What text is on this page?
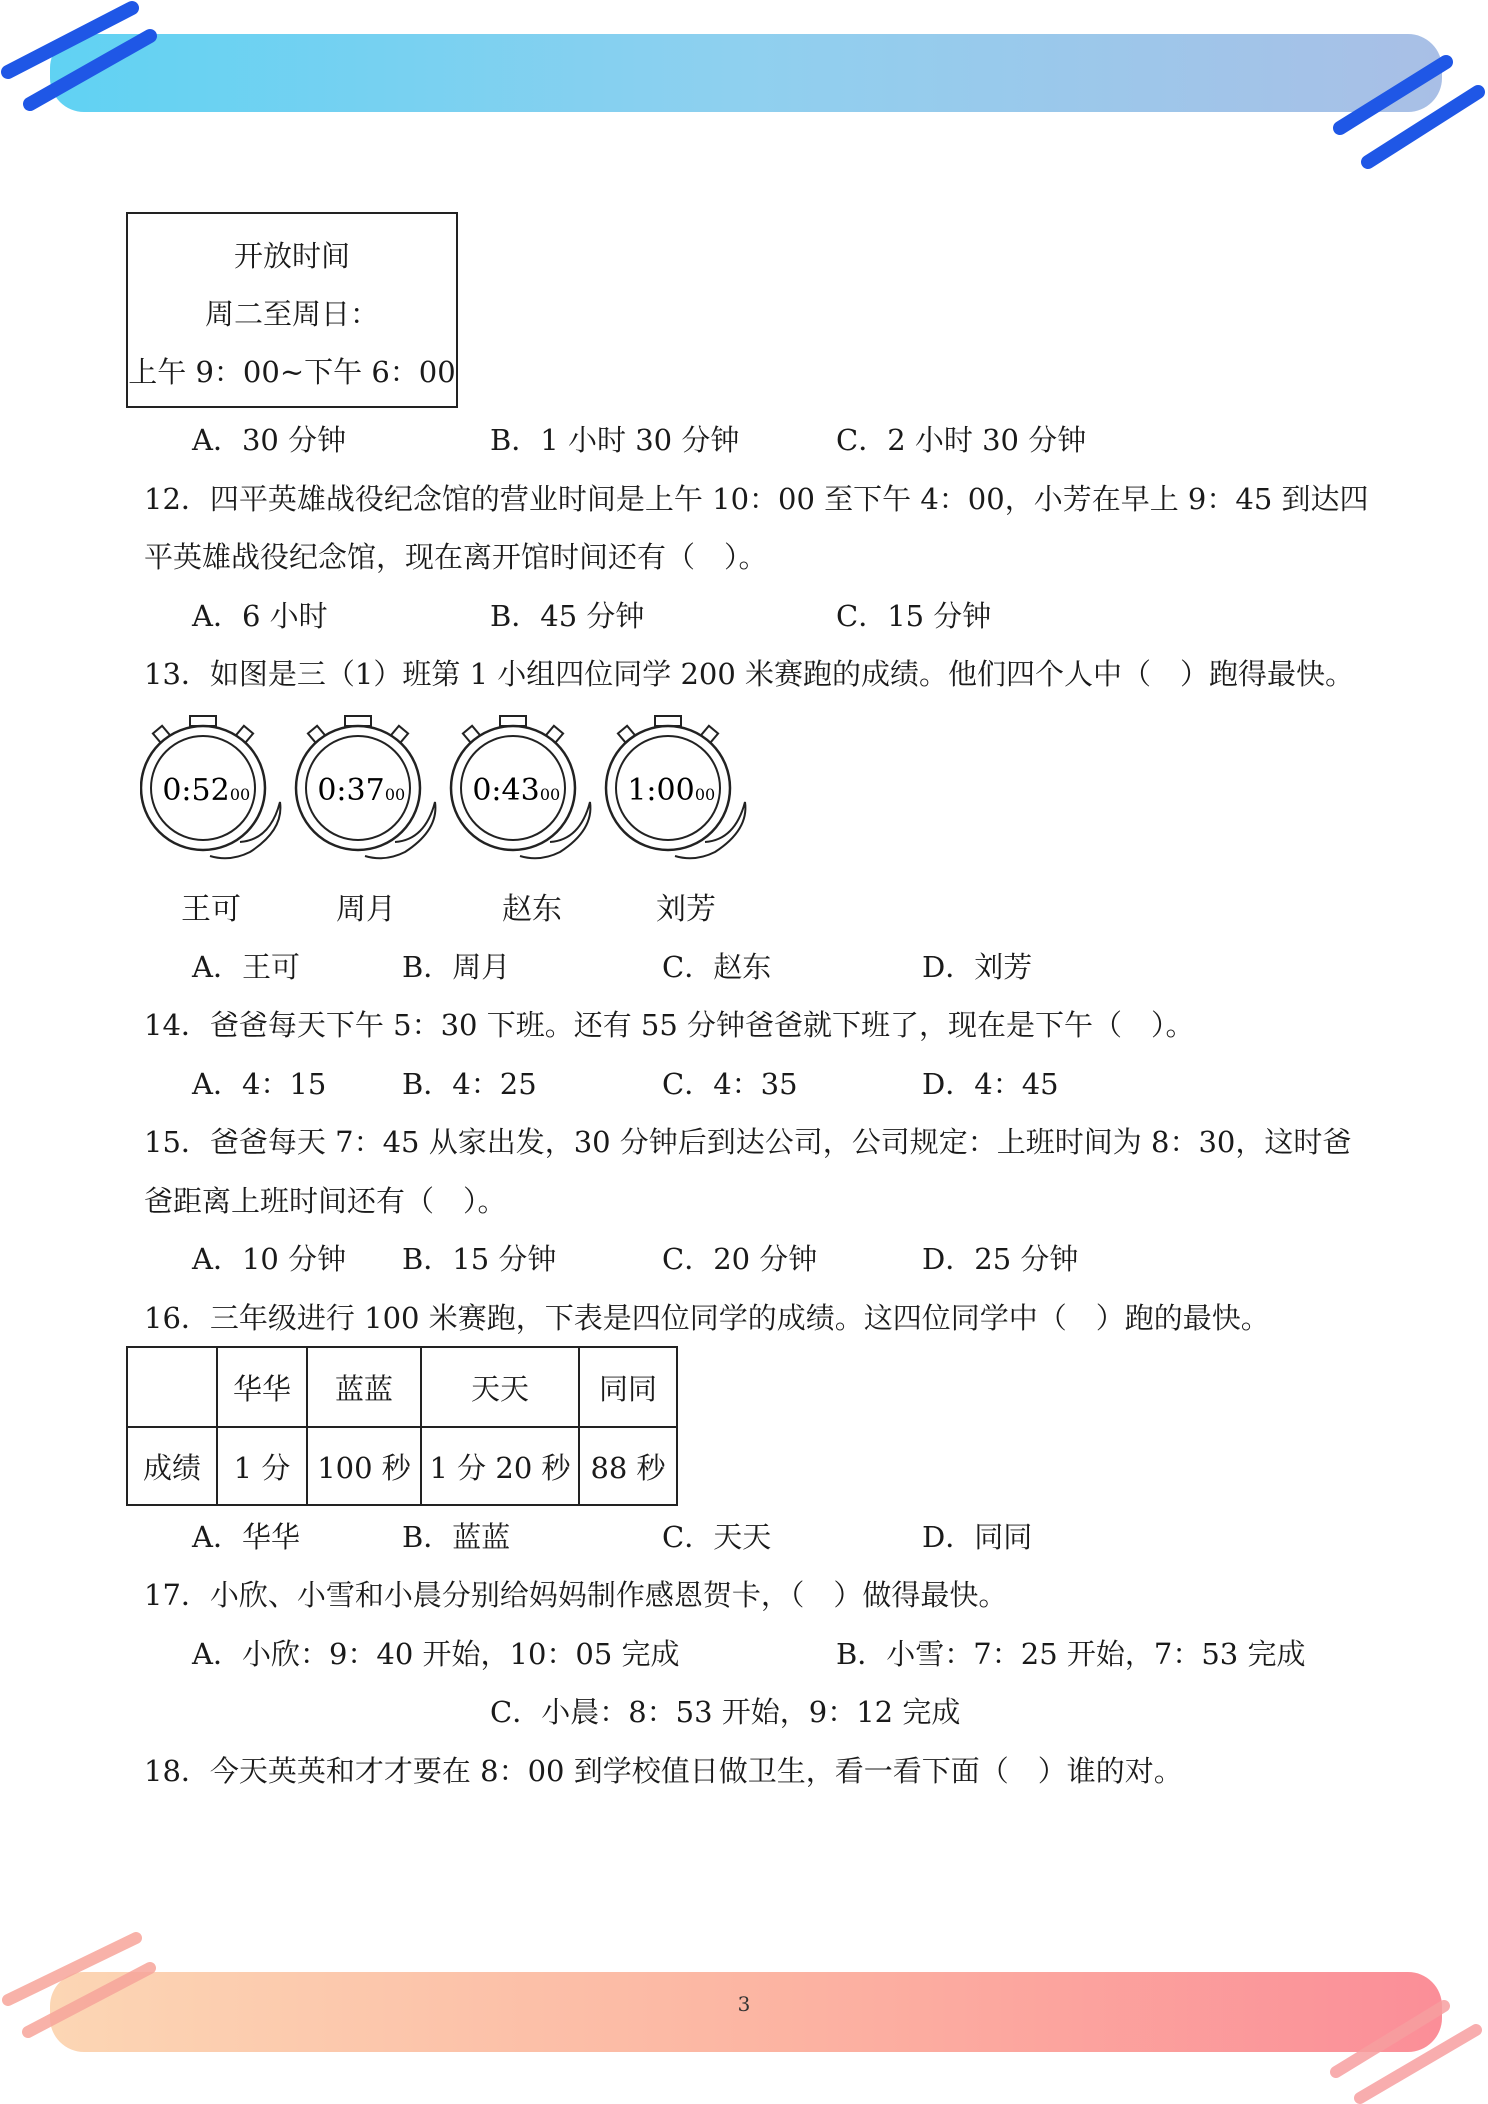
开放时间
周二至周日：
上午 9：00~下午 6：00
A．30 分钟	B．1 小时 30 分钟	C．2 小时 30 分钟
12．四平英雄战役纪念馆的营业时间是上午 10：00 至下午 4：00，小芳在早上 9：45 到达四
平英雄战役纪念馆，现在离开馆时间还有（　）。
A．6 小时	B．45 分钟	C．15 分钟
13．如图是三（1）班第 1 小组四位同学 200 米赛跑的成绩。他们四个人中（　）跑得最快。
0:52 00 0:37 00 0:43 00 1:00 00
王可	周月	赵东	刘芳
A．王可	B．周月	C．赵东	D．刘芳
14．爸爸每天下午 5：30 下班。还有 55 分钟爸爸就下班了，现在是下午（　）。
A．4：15	B．4：25	C．4：35	D．4：45
15．爸爸每天 7：45 从家出发，30 分钟后到达公司，公司规定：上班时间为 8：30，这时爸
爸距离上班时间还有（　）。
A．10 分钟 B．15 分钟	C．20 分钟	D．25 分钟
16．三年级进行 100 米赛跑，下表是四位同学的成绩。这四位同学中（　）跑的最快。
	华华	蓝蓝	天天	同同
成绩	1 分	100 秒	1 分 20 秒	88 秒
A．华华	B．蓝蓝	C．天天	D．同同
17．小欣、小雪和小晨分别给妈妈制作感恩贺卡，（　）做得最快。
A．小欣：9：40 开始，10：05 完成	B．小雪：7：25 开始，7：53 完成
C．小晨：8：53 开始，9：12 完成
18．今天英英和才才要在 8：00 到学校值日做卫生，看一看下面（　）谁的对。
3
